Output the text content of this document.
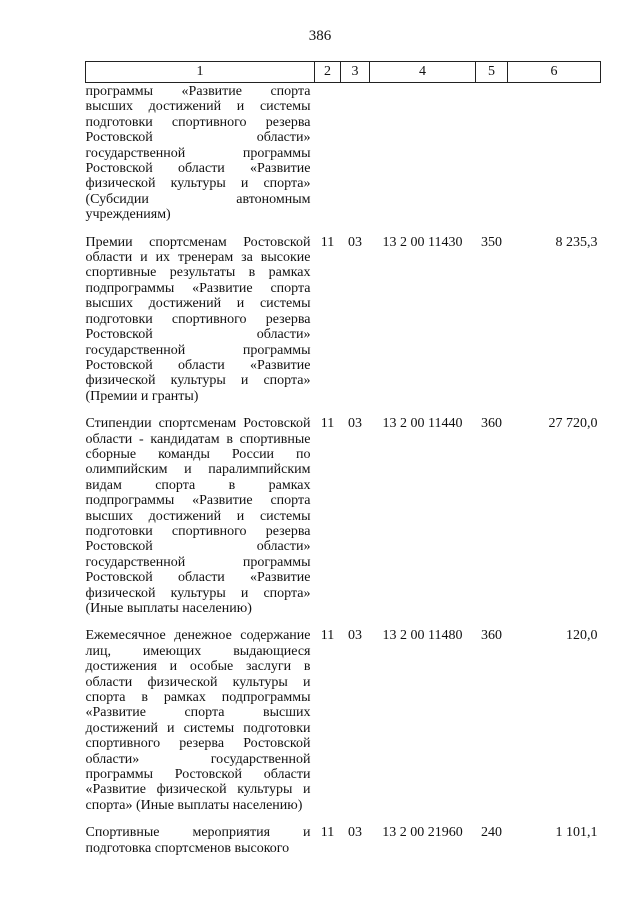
386
1	2	3	4	5	6
программы «Развитие спорта высших достижений и системы подготовки спортивного резерва Ростовской области» государственной программы Ростовской области «Развитие физической культуры и спорта» (Субсидии автономным учреждениям)					
Премии спортсменам Ростовской области и их тренерам за высокие спортивные результаты в рамках подпрограммы «Развитие спорта высших достижений и системы подготовки спортивного резерва Ростовской области» государственной программы Ростовской области «Развитие физической культуры и спорта» (Премии и гранты)	11	03	13 2 00 11430	350	8 235,3
Стипендии спортсменам Ростовской области - кандидатам в спортивные сборные команды России по олимпийским и паралимпийским видам спорта в рамках подпрограммы «Развитие спорта высших достижений и системы подготовки спортивного резерва Ростовской области» государственной программы Ростовской области «Развитие физической культуры и спорта» (Иные выплаты населению)	11	03	13 2 00 11440	360	27 720,0
Ежемесячное денежное содержание лиц, имеющих выдающиеся достижения и особые заслуги в области физической культуры и спорта в рамках подпрограммы «Развитие спорта высших достижений и системы подготовки спортивного резерва Ростовской области» государственной программы Ростовской области «Развитие физической культуры и спорта» (Иные выплаты населению)	11	03	13 2 00 11480	360	120,0
Спортивные мероприятия и подготовка спортсменов высокого	11	03	13 2 00 21960	240	1 101,1
